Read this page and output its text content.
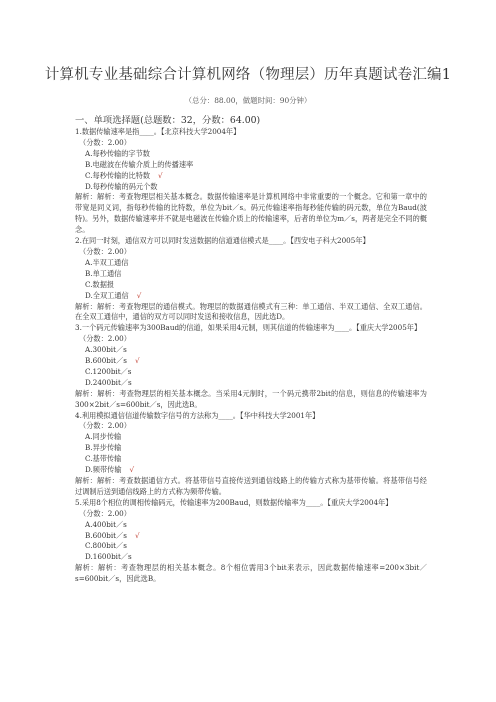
计算机专业基础综合计算机网络（物理层）历年真题试卷汇编1
（总分：88.00，做题时间：90分钟）
一、单项选择题(总题数：32，分数：64.00)
1.数据传输速率是指____。【北京科技大学2004年】
（分数：2.00）
A.每秒传输的字节数
B.电磁波在传输介质上的传播速率
C.每秒传输的比特数 √
D.每秒传输的码元个数

解析：解析：考查物理层相关基本概念。数据传输速率是计算机网络中非常重要的一个概念。它和第一章中的带宽是同义词，指每秒传输的比特数，单位为bit／s。码元传输速率指每秒能传输的码元数，单位为Baud(波特)。另外，数据传输速率并不就是电磁波在传输介质上的传输速率，后者的单位为m／s，两者是完全不同的概念。

2.在同一时刻，通信双方可以同时发送数据的信道通信模式是____。【西安电子科大2005年】
（分数：2.00）
A.半双工通信
B.单工通信
C.数据报
D.全双工通信 √

解析：解析：考查物理层的通信模式。物理层的数据通信模式有三种：单工通信、半双工通信、全双工通信。在全双工通信中，通信的双方可以同时发送和接收信息，因此选D。

3.一个码元传输速率为300Baud的信道，如果采用4元制，则其信道的传输速率为____。【重庆大学2005年】
（分数：2.00）
A.300bit／s
B.600bit／s √
C.1200bit／s
D.2400bit／s

解析：解析：考查物理层的相关基本概念。当采用4元制时，一个码元携带2bit的信息，则信息的传输速率为300×2bit／s=600bit／s，因此选B。

4.利用模拟通信信道传输数字信号的方法称为____。【华中科技大学2001年】
（分数：2.00）
A.同步传输
B.异步传输
C.基带传输
D.频带传输 √

解析：解析：考查数据通信方式。将基带信号直接传送到通信线路上的传输方式称为基带传输。将基带信号经过调制后送到通信线路上的方式称为频带传输。

5.采用8个相位的调相传输码元，传输速率为200Baud，则数据传输率为____。【重庆大学2004年】
（分数：2.00）
A.400bit／s
B.600bit／s √
C.800bit／s
D.1600bit／s

解析：解析：考查物理层的相关基本概念。8个相位需用3个bit来表示，因此数据传输速率=200×3bit／s=600bit／s，因此选B。
